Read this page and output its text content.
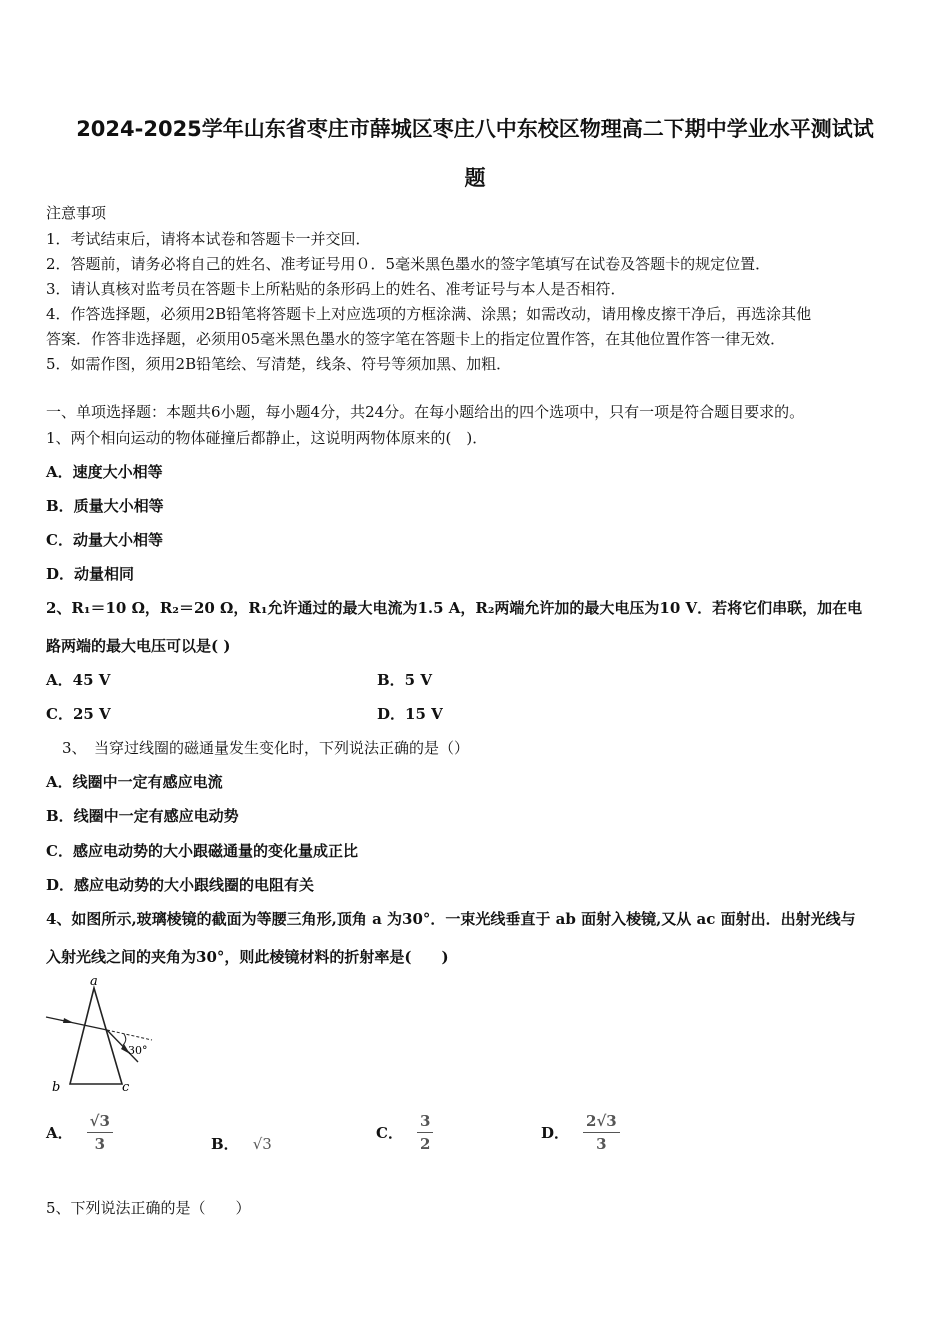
2024-2025学年山东省枣庄市薛城区枣庄八中东校区物理高二下期中学业水平测试试
题
注意事项
1．考试结束后，请将本试卷和答题卡一并交回．
2．答题前，请务必将自己的姓名、准考证号用０．5毫米黑色墨水的签字笔填写在试卷及答题卡的规定位置．
3．请认真核对监考员在答题卡上所粘贴的条形码上的姓名、准考证号与本人是否相符．
4．作答选择题，必须用2B铅笔将答题卡上对应选项的方框涂满、涂黑；如需改动，请用橡皮擦干净后，再选涂其他
答案．作答非选择题，必须用05毫米黑色墨水的签字笔在答题卡上的指定位置作答，在其他位置作答一律无效．
5．如需作图，须用2B铅笔绘、写清楚，线条、符号等须加黑、加粗．
一、单项选择题：本题共6小题，每小题4分，共24分。在每小题给出的四个选项中，只有一项是符合题目要求的。
1、两个相向运动的物体碰撞后都静止，这说明两物体原来的(　)．
A．速度大小相等
B．质量大小相等
C．动量大小相等
D．动量相同
2、R₁＝10 Ω，R₂＝20 Ω，R₁允许通过的最大电流为1.5 A，R₂两端允许加的最大电压为10 V．若将它们串联，加在电
路两端的最大电压可以是( )
A．45 V	B．5 V
C．25 V	D．15 V
3、　当穿过线圈的磁通量发生变化时，下列说法正确的是（）
A．线圈中一定有感应电流
B．线圈中一定有感应电动势
C．感应电动势的大小跟磁通量的变化量成正比
D．感应电动势的大小跟线圈的电阻有关
4、如图所示,玻璃棱镜的截面为等腰三角形,顶角 a 为30°．一束光线垂直于 ab 面射入棱镜,又从 ac 面射出．出射光线与
入射光线之间的夹角为30°，则此棱镜材料的折射率是(　　)
a
b	c
30°
A． $\frac{√3}{3}$	B． √3
C． $\frac{3}{2}$	D． $\frac{2√3}{3}$
5、下列说法正确的是（　　）
